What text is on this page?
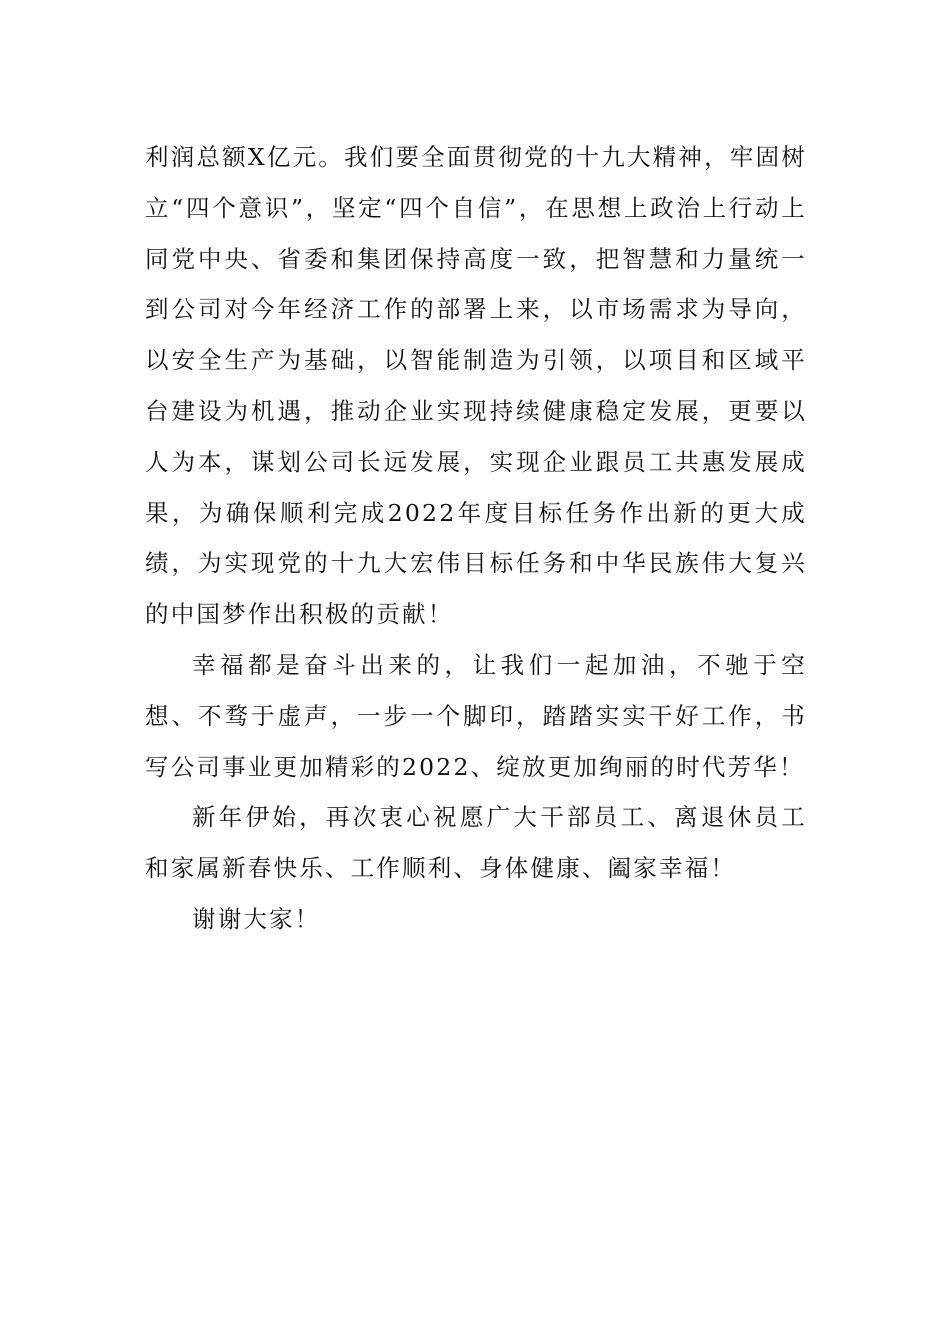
利润总额X亿元。我们要全面贯彻党的十九大精神，牢固树立“四个意识”，坚定“四个自信”，在思想上政治上行动上同党中央、省委和集团保持高度一致，把智慧和力量统一到公司对今年经济工作的部署上来，以市场需求为导向，以安全生产为基础，以智能制造为引领，以项目和区域平台建设为机遇，推动企业实现持续健康稳定发展，更要以人为本，谋划公司长远发展，实现企业跟员工共惠发展成果，为确保顺利完成2022年度目标任务作出新的更大成绩，为实现党的十九大宏伟目标任务和中华民族伟大复兴的中国梦作出积极的贡献！

幸福都是奋斗出来的，让我们一起加油，不驰于空想、不骛于虚声，一步一个脚印，踏踏实实干好工作，书写公司事业更加精彩的2022、绽放更加绚丽的时代芳华！

新年伊始，再次衷心祝愿广大干部员工、离退休员工和家属新春快乐、工作顺利、身体健康、阖家幸福！

谢谢大家！
